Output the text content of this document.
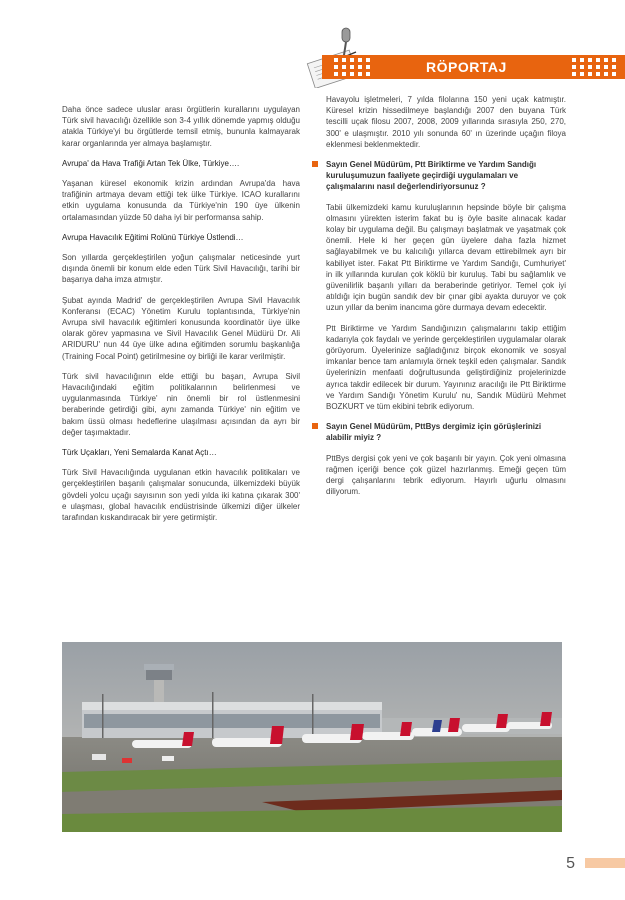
RÖPORTAJ

Daha önce sadece uluslar arası örgütlerin kurallarını uygulayan Türk sivil havacılığı özellikle son 3-4 yıllık dönemde yapmış olduğu atakla Türkiye'yi bu örgütlerde temsil etmiş, bununla kalmayarak karar organlarında yer almaya başlamıştır.

Avrupa' da Hava Trafiği Artan Tek Ülke, Türkiye….

Yaşanan küresel ekonomik krizin ardından Avrupa'da hava trafiğinin artmaya devam ettiği tek ülke Türkiye. ICAO kurallarını etkin uygulama konusunda da Türkiye'nin 190 üye ülkenin ortalamasından yüzde 50 daha iyi bir performansa sahip.

Avrupa Havacılık Eğitimi Rolünü Türkiye Üstlendi…

Son yıllarda gerçekleştirilen yoğun çalışmalar neticesinde yurt dışında önemli bir konum elde eden Türk Sivil Havacılığı, tarihi bir başarıya daha imza atmıştır.

Şubat ayında Madrid' de gerçekleştirilen Avrupa Sivil Havacılık Konferansı (ECAC) Yönetim Kurulu toplantısında, Türkiye'nin Avrupa sivil havacılık eğitimleri konusunda koordinatör üye ülke olarak görev yapmasına ve Sivil Havacılık Genel Müdürü Dr. Ali ARIDURU' nun 44 üye ülke adına eğitimden sorumlu başkanlığa (Training Focal Point) getirilmesine oy birliği ile karar verilmiştir.

Türk sivil havacılığının elde ettiği bu başarı, Avrupa Sivil Havacılığındaki eğitim politikalarının belirlenmesi ve uygulanmasında Türkiye' nin önemli bir rol üstlenmesini beraberinde getirdiği gibi, aynı zamanda Türkiye' nin eğitim ve bakım üssü olması hedeflerine ulaşılması açısından da ayrı bir değer taşımaktadır.

Türk Uçakları, Yeni Semalarda Kanat Açtı…

Türk Sivil Havacılığında uygulanan etkin havacılık politikaları ve gerçekleştirilen başarılı çalışmalar sonucunda, ülkemizdeki büyük gövdeli yolcu uçağı sayısının son yedi yılda iki katına çıkarak 300' e ulaşması, global havacılık endüstrisinde ülkemizi diğer ülkeler tarafından kıskandıracak bir yere getirmiştir.

Havayolu işletmeleri, 7 yılda filolarına 150 yeni uçak katmıştır. Küresel krizin hissedilmeye başlandığı 2007 den buyana Türk tescilli uçak filosu 2007, 2008, 2009 yıllarında sırasıyla 250, 270, 300' e ulaşmıştır. 2010 yılı sonunda 60' ın üzerinde uçağın filoya eklenmesi beklenmektedir.

Sayın Genel Müdürüm, Ptt Biriktirme ve Yardım Sandığı kuruluşumuzun faaliyete geçirdiği uygulamaları ve çalışmalarını nasıl değerlendiriyorsunuz ?

Tabii ülkemizdeki kamu kuruluşlarının hepsinde böyle bir çalışma olmasını yürekten isterim fakat bu iş öyle basite alınacak kadar kolay bir uygulama değil. Bu çalışmayı başlatmak ve yaşatmak çok önemli. Hele ki her geçen gün üyelere daha fazla hizmet sağlayabilmek ve bu kalıcılığı yıllarca devam ettirebilmek ayrı bir kabiliyet ister. Fakat Ptt Biriktirme ve Yardım Sandığı, Cumhuriyet' in ilk yıllarında kurulan çok köklü bir kuruluş. Tabi bu sağlamlık ve güvenilirlik başarılı yılları da beraberinde getiriyor. Temel çok iyi atıldığı için bugün sandık dev bir çınar gibi ayakta duruyor ve çok uzun yıllar da benim inancıma göre durmaya devam edecektir.

Ptt Biriktirme ve Yardım Sandığınızın çalışmalarını takip ettiğim kadarıyla çok faydalı ve yerinde gerçekleştirilen uygulamalar olarak görüyorum. Üyelerinize sağladığınız birçok ekonomik ve sosyal imkanlar bence tam anlamıyla örnek teşkil eden çalışmalar. Sandık üyelerinizin menfaati doğrultusunda geliştirdiğiniz projelerinizde ayrıca takdir edilecek bir durum. Yayınınız aracılığı ile Ptt Biriktirme ve Yardım Sandığı Yönetim Kurulu' nu, Sandık Müdürü Mehmet BOZKURT ve tüm ekibini tebrik ediyorum.

Sayın Genel Müdürüm, PttBys dergimiz için görüşlerinizi alabilir miyiz ?

PttBys dergisi çok yeni ve çok başarılı bir yayın. Çok yeni olmasına rağmen içeriği bence çok güzel hazırlanmış. Emeği geçen tüm dergi çalışanlarını tebrik ediyorum. Hayırlı uğurlu olmasını diliyorum.

5
